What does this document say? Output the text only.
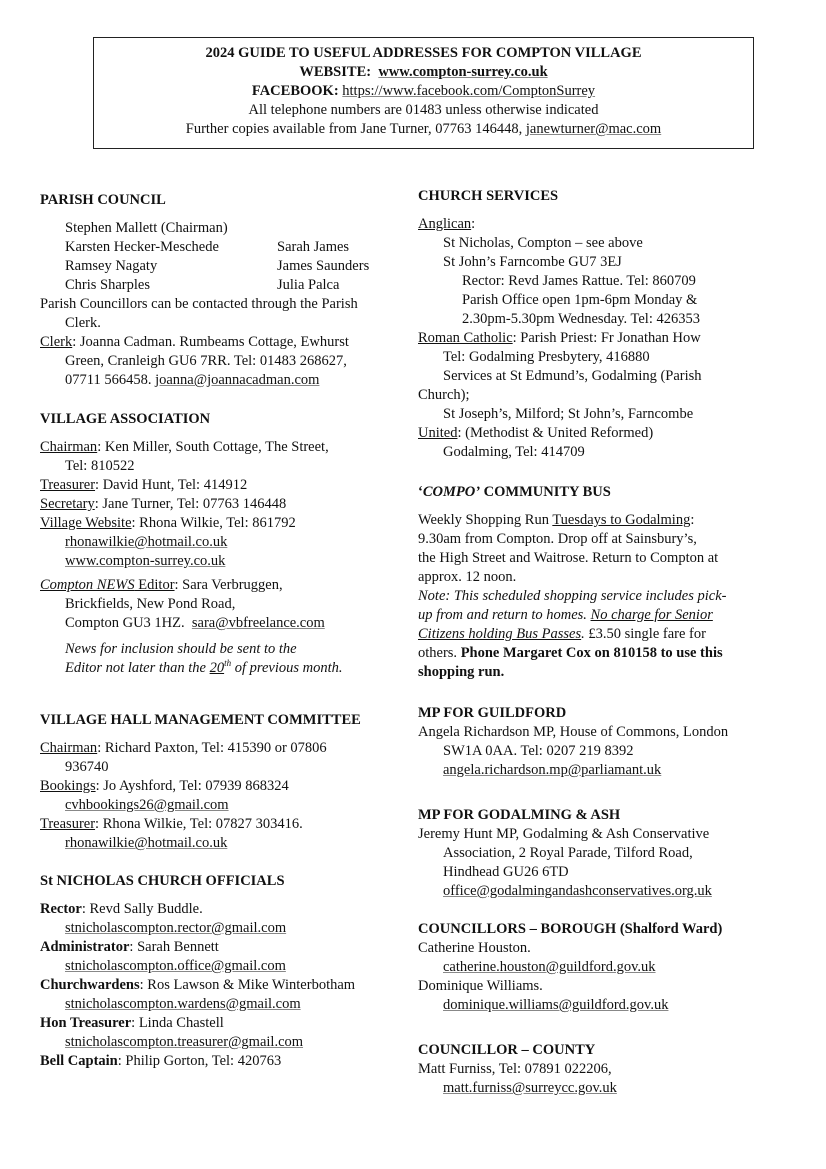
2024 GUIDE TO USEFUL ADDRESSES FOR COMPTON VILLAGE
WEBSITE: www.compton-surrey.co.uk
FACEBOOK: https://www.facebook.com/ComptonSurrey
All telephone numbers are 01483 unless otherwise indicated
Further copies available from Jane Turner, 07763 146448, janewturner@mac.com
PARISH COUNCIL
Stephen Mallett (Chairman)
Karsten Hecker-Meschede	Sarah James
Ramsey Nagaty	James Saunders
Chris Sharples	Julia Palca
Parish Councillors can be contacted through the Parish
Clerk.
Clerk: Joanna Cadman. Rumbeams Cottage, Ewhurst
Green, Cranleigh GU6 7RR. Tel: 01483 268627,
07711 566458. joanna@joannacadman.com
VILLAGE ASSOCIATION
Chairman: Ken Miller, South Cottage, The Street,
Tel: 810522
Treasurer: David Hunt, Tel: 414912
Secretary: Jane Turner, Tel: 07763 146448
Village Website: Rhona Wilkie, Tel: 861792
rhonawilkie@hotmail.co.uk
www.compton-surrey.co.uk
Compton NEWS Editor: Sara Verbruggen,
Brickfields, New Pond Road,
Compton GU3 1HZ. sara@vbfreelance.com
News for inclusion should be sent to the
Editor not later than the 20th of previous month.
VILLAGE HALL MANAGEMENT COMMITTEE
Chairman: Richard Paxton, Tel: 415390 or 07806
936740
Bookings: Jo Ayshford, Tel: 07939 868324
cvhbookings26@gmail.com
Treasurer: Rhona Wilkie, Tel: 07827 303416.
rhonawilkie@hotmail.co.uk
St NICHOLAS CHURCH OFFICIALS
Rector: Revd Sally Buddle.
stnicholascompton.rector@gmail.com
Administrator: Sarah Bennett
stnicholascompton.office@gmail.com
Churchwardens: Ros Lawson & Mike Winterbotham
stnicholascompton.wardens@gmail.com
Hon Treasurer: Linda Chastell
stnicholascompton.treasurer@gmail.com
Bell Captain: Philip Gorton, Tel: 420763
CHURCH SERVICES
Anglican:
St Nicholas, Compton – see above
St John’s Farncombe GU7 3EJ
Rector: Revd James Rattue. Tel: 860709
Parish Office open 1pm-6pm Monday &
2.30pm-5.30pm Wednesday. Tel: 426353
Roman Catholic: Parish Priest: Fr Jonathan How
Tel: Godalming Presbytery, 416880
Services at St Edmund’s, Godalming (Parish
Church);
St Joseph’s, Milford; St John’s, Farncombe
United: (Methodist & United Reformed)
Godalming, Tel: 414709
‘COMPO’ COMMUNITY BUS
Weekly Shopping Run Tuesdays to Godalming:
9.30am from Compton. Drop off at Sainsbury’s,
the High Street and Waitrose. Return to Compton at
approx. 12 noon.
Note: This scheduled shopping service includes pick-
up from and return to homes. No charge for Senior
Citizens holding Bus Passes. £3.50 single fare for
others. Phone Margaret Cox on 810158 to use this
shopping run.
MP FOR GUILDFORD
Angela Richardson MP, House of Commons, London
SW1A 0AA. Tel: 0207 219 8392
angela.richardson.mp@parliamant.uk
MP FOR GODALMING & ASH
Jeremy Hunt MP, Godalming & Ash Conservative
Association, 2 Royal Parade, Tilford Road,
Hindhead GU26 6TD
office@godalmingandashconservatives.org.uk
COUNCILLORS – BOROUGH (Shalford Ward)
Catherine Houston.
catherine.houston@guildford.gov.uk
Dominique Williams.
dominique.williams@guildford.gov.uk
COUNCILLOR – COUNTY
Matt Furniss, Tel: 07891 022206,
matt.furniss@surreycc.gov.uk
